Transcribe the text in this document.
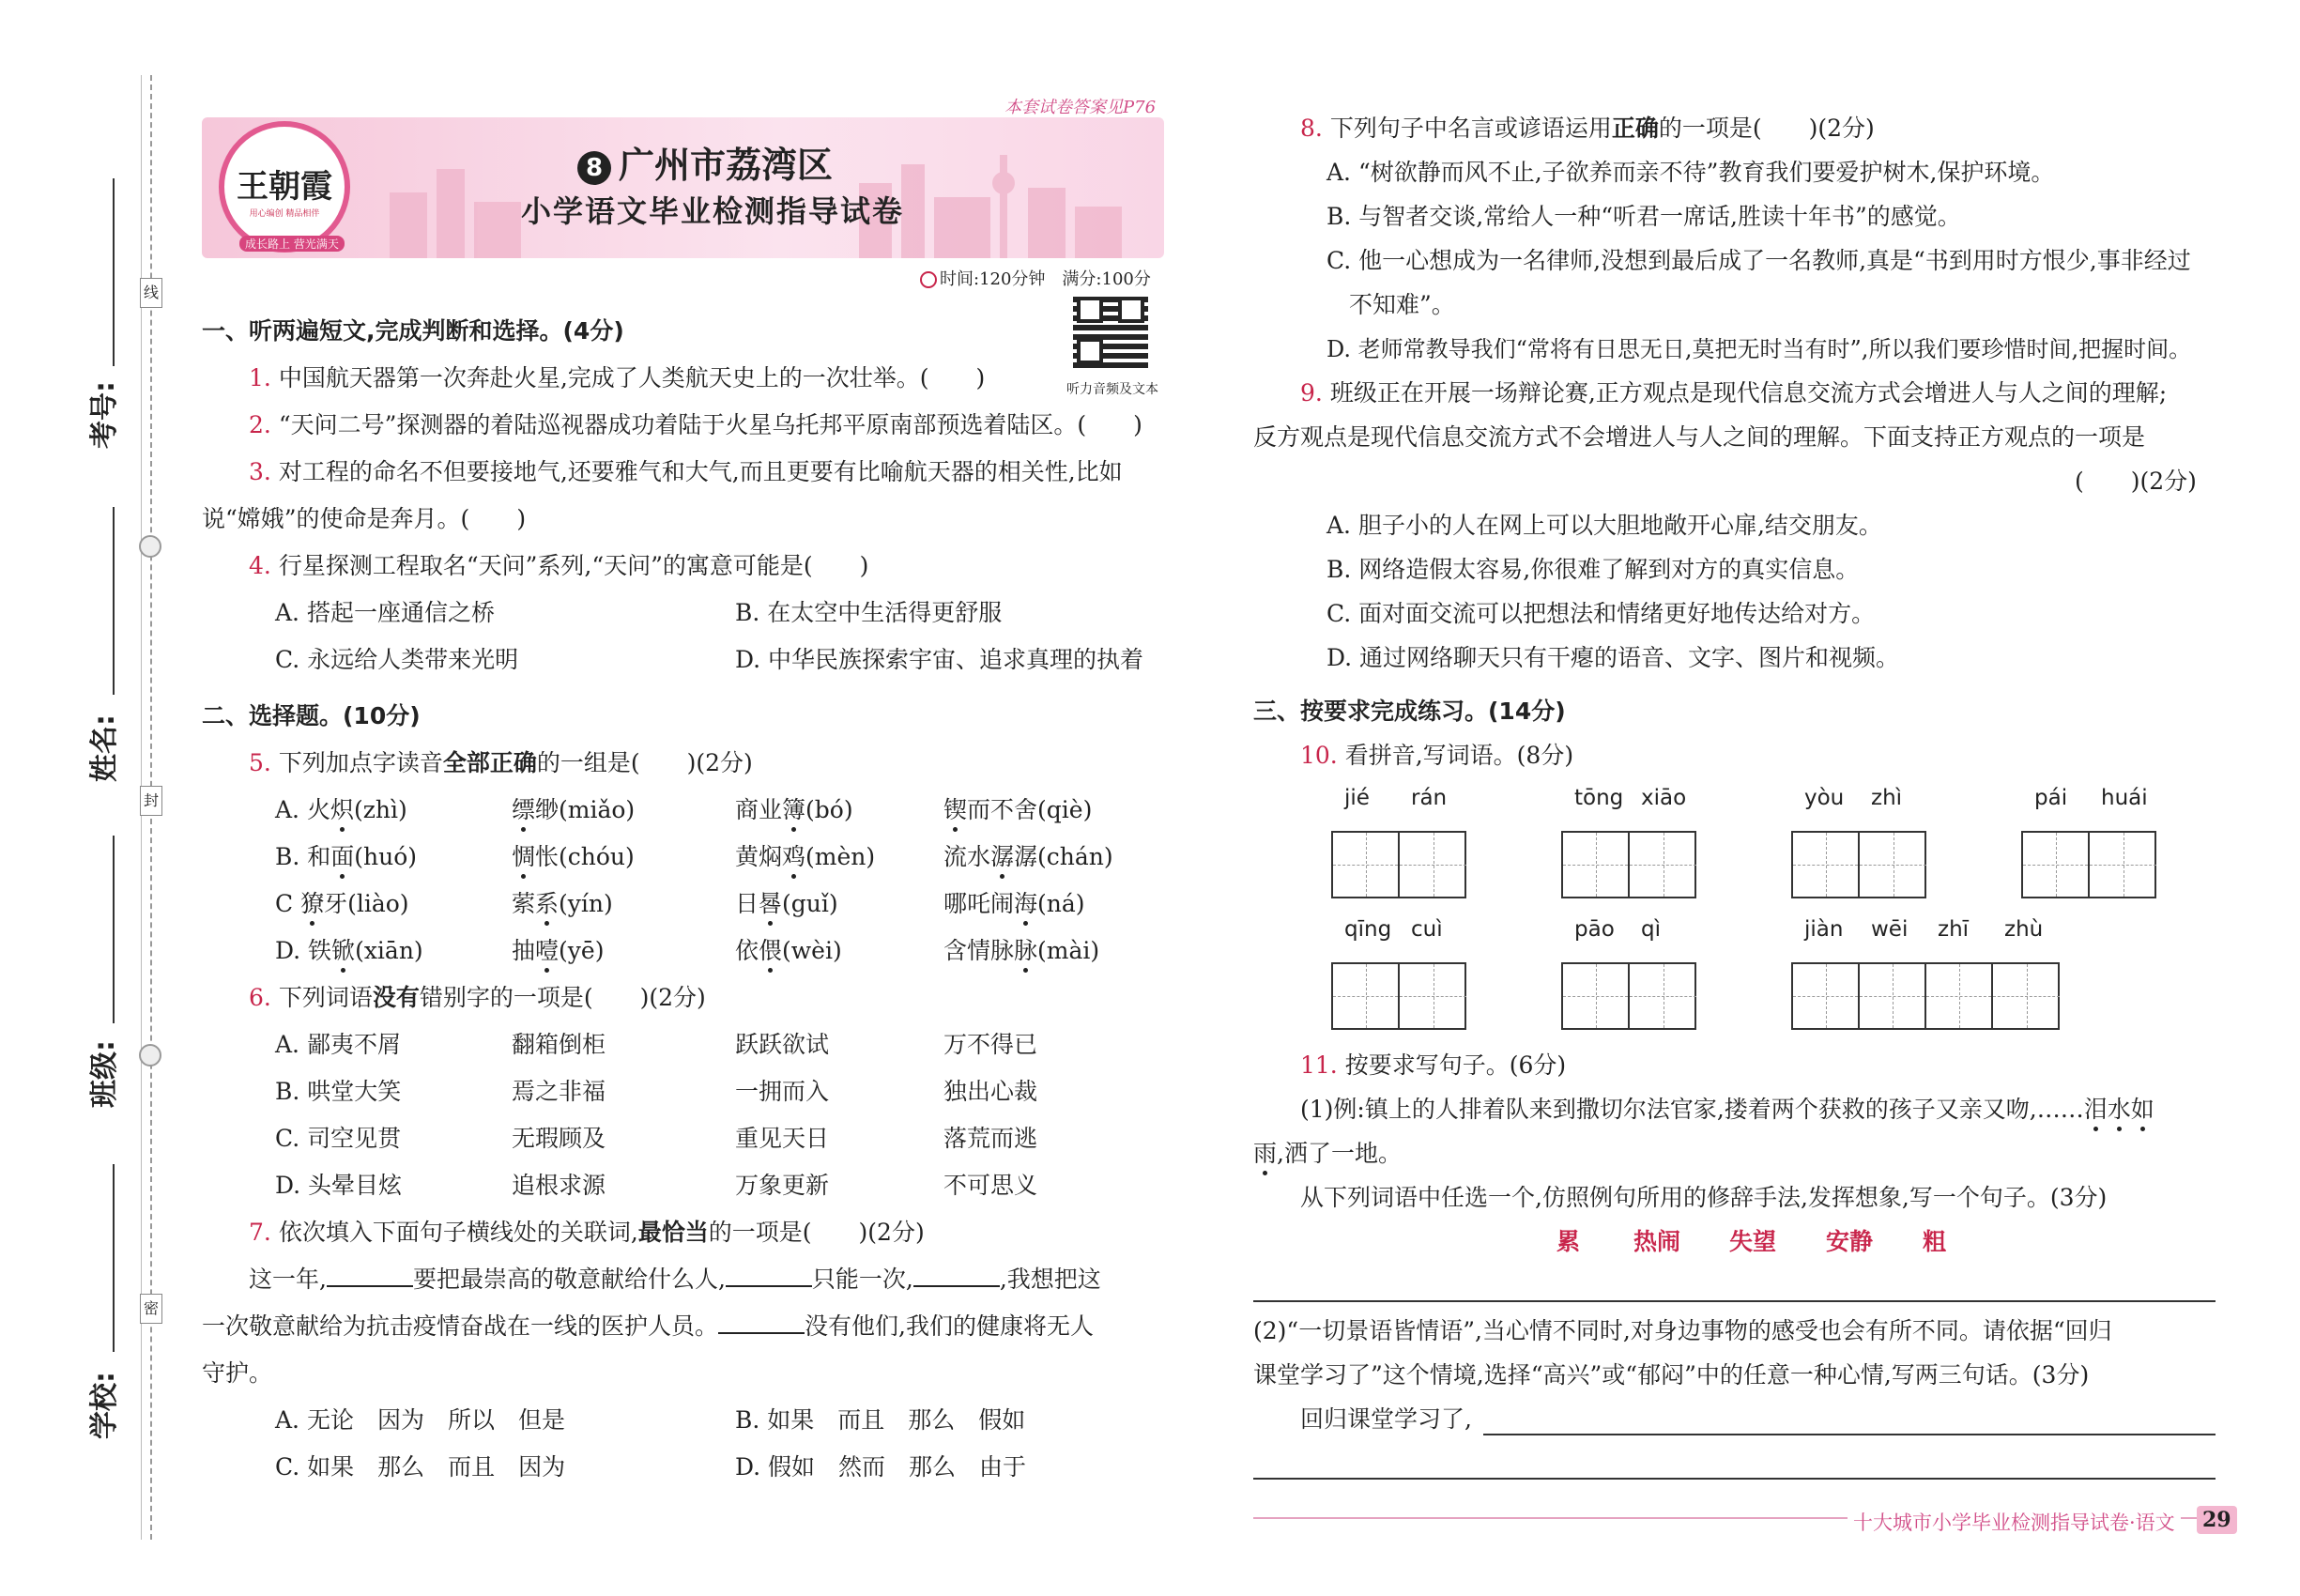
线
封
密
考号:
姓名:
班级:
学校:
本套试卷答案见P76
王朝霞
用心编创 精品相伴
成长路上 营光满天
8 广州市荔湾区
小学语文毕业检测指导试卷
时间:120分钟　 满分:100分
听力音频及文本
一、听两遍短文,完成判断和选择。(4分)
1. 中国航天器第一次奔赴火星,完成了人类航天史上的一次壮举。(　　)
2. “天问二号”探测器的着陆巡视器成功着陆于火星乌托邦平原南部预选着陆区。(　　)
3. 对工程的命名不但要接地气,还要雅气和大气,而且更要有比喻航天器的相关性,比如
说“嫦娥”的使命是奔月。(　　)
4. 行星探测工程取名“天问”系列,“天问”的寓意可能是(　　)
A. 搭起一座通信之桥	B. 在太空中生活得更舒服
C. 永远给人类带来光明	D. 中华民族探索宇宙、追求真理的执着
二、选择题。(10分)
5. 下列加点字读音全部正确的一组是(　　)(2分)
A. 火炽(zhì)	缥缈(miǎo)	商业簿(bó)	锲而不舍(qiè)
B. 和面(huó)	惆怅(chóu)	黄焖鸡(mèn)	流水潺潺(chán)
C 獠牙(liào)	萦系(yín)	日晷(guǐ)	哪吒闹海(ná)
D. 铁锨(xiān)	抽噎(yē)	依偎(wèi)	含情脉脉(mài)
6. 下列词语没有错别字的一项是(　　)(2分)
A. 鄙夷不屑	翻箱倒柜	跃跃欲试	万不得已
B. 哄堂大笑	焉之非福	一拥而入	独出心裁
C. 司空见贯	无瑕顾及	重见天日	落荒而逃
D. 头晕目炫	追根求源	万象更新	不可思义
7. 依次填入下面句子横线处的关联词,最恰当的一项是(　　)(2分)
这一年,	要把最崇高的敬意献给什么人,	只能一次,	,我想把这
一次敬意献给为抗击疫情奋战在一线的医护人员。	没有他们,我们的健康将无人
守护。
A. 无论　因为　所以　但是	B. 如果　而且　那么　假如
C. 如果　那么　而且　因为	D. 假如　然而　那么　由于
8. 下列句子中名言或谚语运用正确的一项是(　　)(2分)
A. “树欲静而风不止,子欲养而亲不待”教育我们要爱护树木,保护环境。
B. 与智者交谈,常给人一种“听君一席话,胜读十年书”的感觉。
C. 他一心想成为一名律师,没想到最后成了一名教师,真是“书到用时方恨少,事非经过
不知难”。
D. 老师常教导我们“常将有日思无日,莫把无时当有时”,所以我们要珍惜时间,把握时间。
9. 班级正在开展一场辩论赛,正方观点是现代信息交流方式会增进人与人之间的理解;
反方观点是现代信息交流方式不会增进人与人之间的理解。下面支持正方观点的一项是
(　　)(2分)
A. 胆子小的人在网上可以大胆地敞开心扉,结交朋友。
B. 网络造假太容易,你很难了解到对方的真实信息。
C. 面对面交流可以把想法和情绪更好地传达给对方。
D. 通过网络聊天只有干瘪的语音、文字、图片和视频。
三、按要求完成练习。(14分)
10. 看拼音,写词语。(8分)
jié rán	tōng xiāo	yòu zhì	pái huái
qīng cuì	pāo qì	jiàn wēi zhī zhù
11. 按要求写句子。(6分)
(1)例:镇上的人排着队来到撒切尔法官家,搂着两个获救的孩子又亲又吻,……泪水如
雨,洒了一地。
从下列词语中任选一个,仿照例句所用的修辞手法,发挥想象,写一个句子。(3分)
累 热闹 失望 安静 粗
(2)“一切景语皆情语”,当心情不同时,对身边事物的感受也会有所不同。请依据“回归
课堂学习了”这个情境,选择“高兴”或“郁闷”中的任意一种心情,写两三句话。(3分)
回归课堂学习了,
十大城市小学毕业检测指导试卷·语文 29
